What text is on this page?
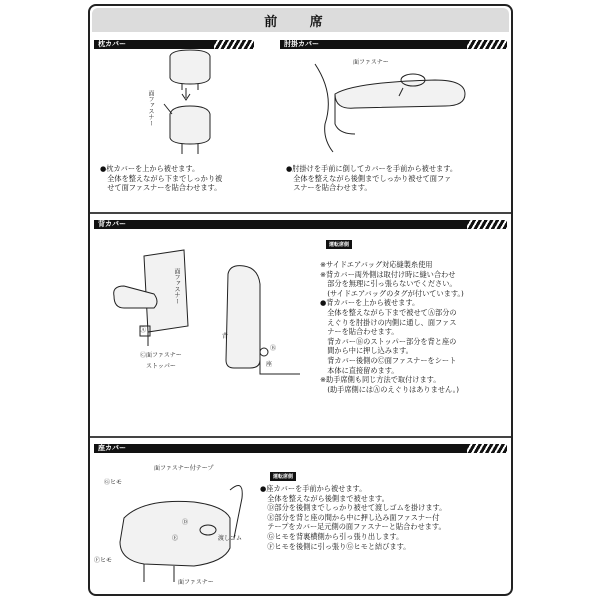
前 席
枕カバー
面ファスナー
●枕カバーを上から被せます。
　全体を整えながら下までしっかり被
　せて面ファスナーを貼合わせます。
肘掛カバー
面ファスナー
●肘掛けを手前に倒してカバーを手前から被せます。
　全体を整えながら後側までしっかり被せて面ファ
　スナーを貼合わせます。
背カバー
運転席側
面ファスナー
Ⓐ
Ⓒ面ファスナー
背
Ⓑ
座
ストッパー
※サイドエアバッグ対応縫製糸使用
※背カバー両外側は取付け時に縫い合わせ
　部分を無理に引っ張らないでください。
　(サイドエアバッグのタグが付いています。)
●背カバーを上から被せます。
　全体を整えながら下まで被せてⒶ部分の
　えぐりを肘掛けの内側に通し、面ファス
　ナーを貼合わせます。
　背カバーⒷのストッパー部分を背と座の
　間から中に押し込みます。
　背カバー後側のⒸ面ファスナーをシート
　本体に直接留めます。
※助手席側も同じ方法で取付けます。
　(助手席側にはⒶのえぐりはありません。)
座カバー
面ファスナー付テープ
Ⓖヒモ
Ⓓ
Ⓔ	渡しゴム
Ⓕヒモ
面ファスナー
運転席側
●座カバーを手前から被せます。
　全体を整えながら後側まで被せます。
　Ⓓ部分を後側までしっかり被せて渡しゴムを掛けます。
　Ⓔ部分を背と座の間から中に押し込み面ファスナー付
　テープをカバー足元側の面ファスナーと貼合わせます。
　Ⓖヒモを背裏横側から引っ張り出します。
　Ⓕヒモを後側に引っ張りⒼヒモと結びます。
